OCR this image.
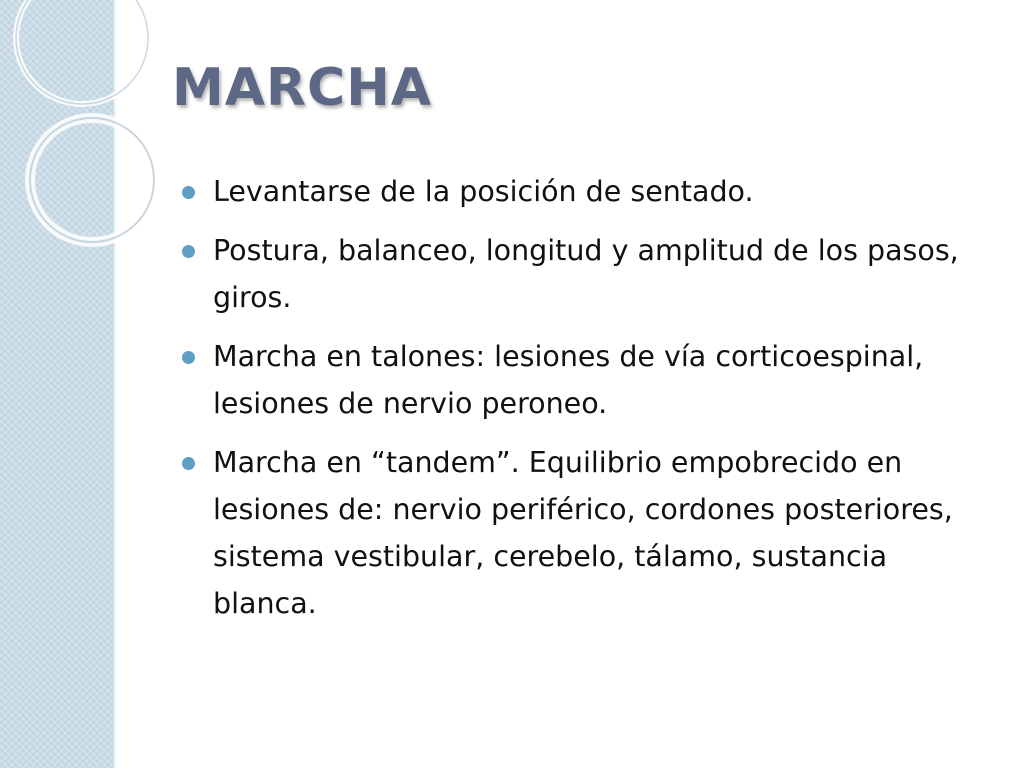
MARCHA
Levantarse de la posición de sentado.
Postura, balanceo, longitud y amplitud de los pasos, giros.
Marcha en talones: lesiones de vía corticoespinal, lesiones de nervio peroneo.
Marcha en “tandem”. Equilibrio empobrecido en lesiones de: nervio periférico, cordones posteriores, sistema vestibular, cerebelo, tálamo, sustancia blanca.
